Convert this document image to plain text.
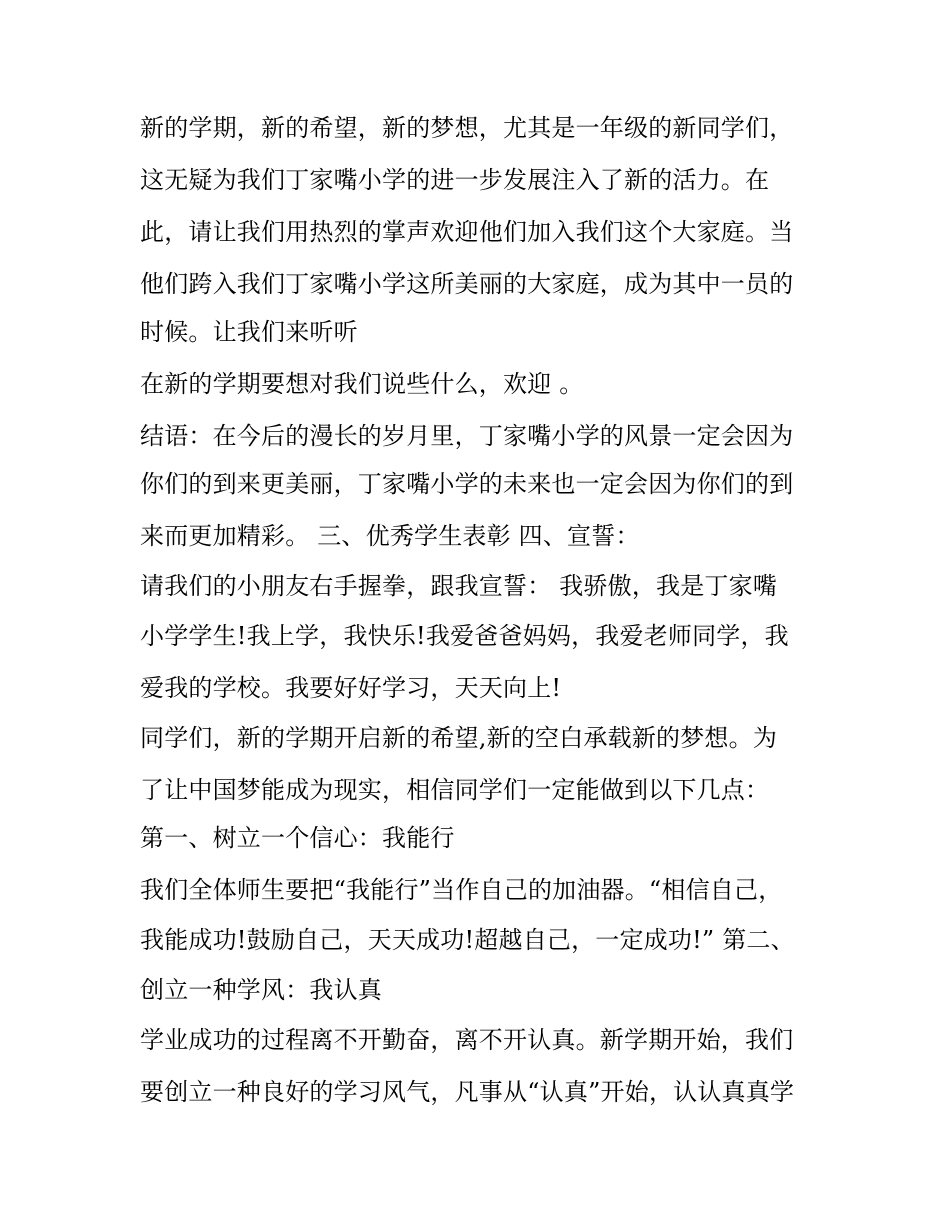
新的学期，新的希望，新的梦想，尤其是一年级的新同学们，
这无疑为我们丁家嘴小学的进一步发展注入了新的活力。在
此，请让我们用热烈的掌声欢迎他们加入我们这个大家庭。当
他们跨入我们丁家嘴小学这所美丽的大家庭，成为其中一员的
时候。让我们来听听
在新的学期要想对我们说些什么，欢迎 。
结语：在今后的漫长的岁月里，丁家嘴小学的风景一定会因为
你们的到来更美丽，丁家嘴小学的未来也一定会因为你们的到
来而更加精彩。 三、优秀学生表彰 四、宣誓：
请我们的小朋友右手握拳，跟我宣誓： 我骄傲，我是丁家嘴
小学学生!我上学，我快乐!我爱爸爸妈妈，我爱老师同学，我
爱我的学校。我要好好学习，天天向上!
同学们，新的学期开启新的希望,新的空白承载新的梦想。为
了让中国梦能成为现实，相信同学们一定能做到以下几点：
第一、树立一个信心：我能行
我们全体师生要把“我能行”当作自己的加油器。“相信自己，
我能成功!鼓励自己，天天成功!超越自己，一定成功!” 第二、
创立一种学风：我认真
学业成功的过程离不开勤奋，离不开认真。新学期开始，我们
要创立一种良好的学习风气，凡事从“认真”开始，认认真真学
